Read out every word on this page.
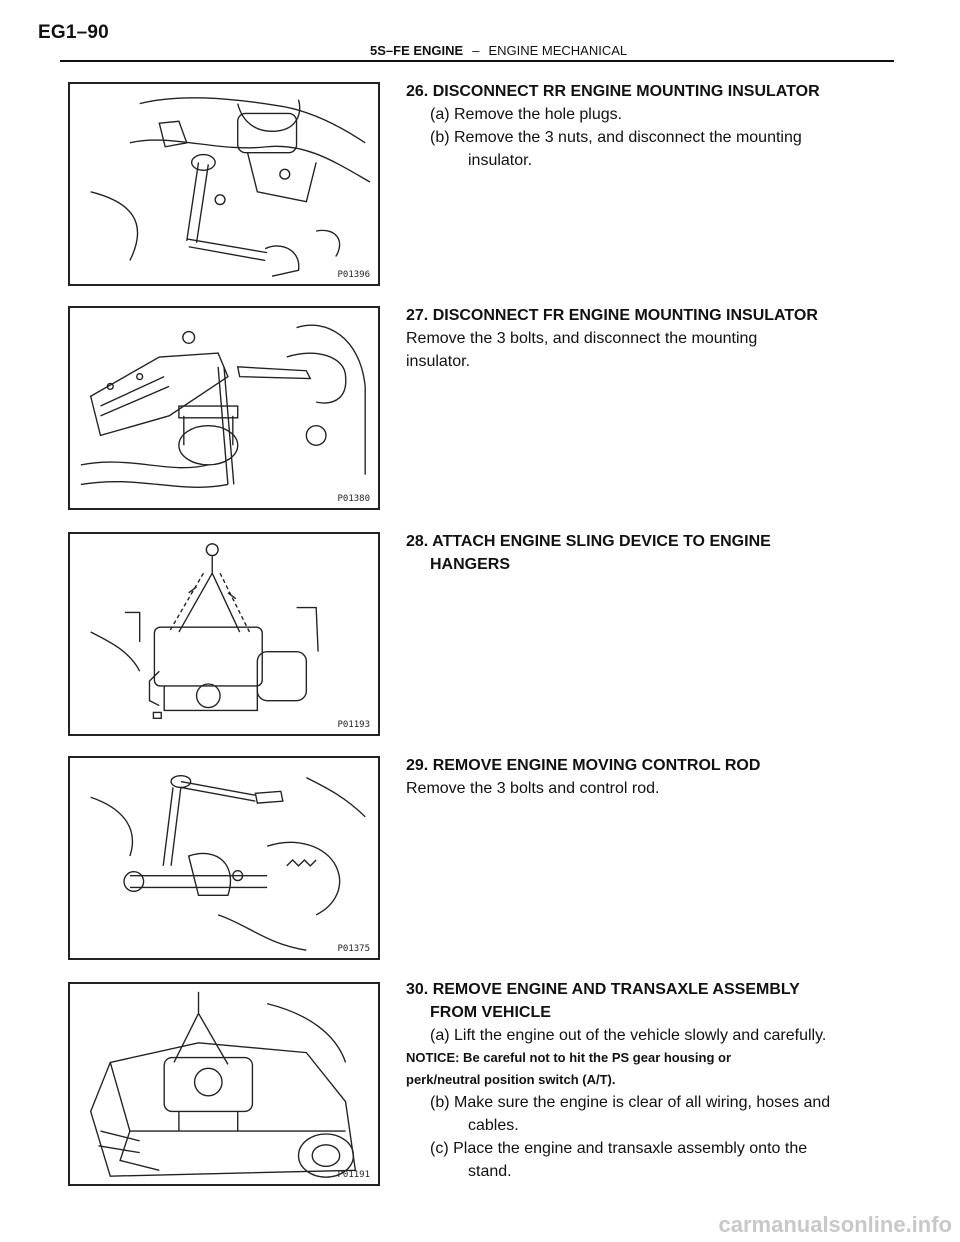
EG1–90
5S–FE ENGINE – ENGINE MECHANICAL
P01396
26. DISCONNECT RR ENGINE MOUNTING INSULATOR
(a) Remove the hole plugs.
(b) Remove the 3 nuts, and disconnect the mounting
insulator.
P01380
27. DISCONNECT FR ENGINE MOUNTING INSULATOR
Remove the 3 bolts, and disconnect the mounting
insulator.
P01193
28. ATTACH ENGINE SLING DEVICE TO ENGINE
HANGERS
P01375
29. REMOVE ENGINE MOVING CONTROL ROD
Remove the 3 bolts and control rod.
P01191
30. REMOVE ENGINE AND TRANSAXLE ASSEMBLY
FROM VEHICLE
(a) Lift the engine out of the vehicle slowly and carefully.
NOTICE: Be careful not to hit the PS gear housing or
perk/neutral position switch (A/T).
(b) Make sure the engine is clear of all wiring, hoses and
cables.
(c) Place the engine and transaxle assembly onto the
stand.
carmanualsonline.info
